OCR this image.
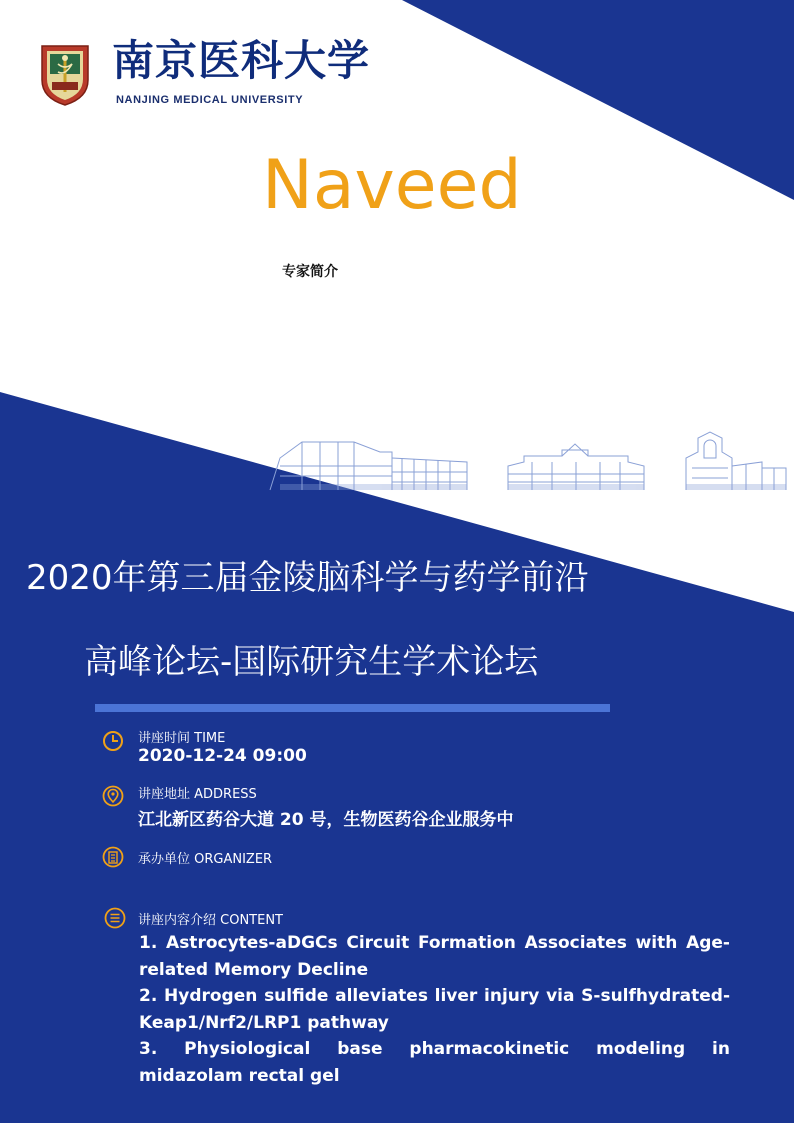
南京医科大学
NANJING MEDICAL UNIVERSITY
Naveed
专家简介
2020年第三届金陵脑科学与药学前沿
高峰论坛-国际研究生学术论坛
讲座时间 TIME
2020-12-24 09:00
讲座地址 ADDRESS
江北新区药谷大道 20 号，生物医药谷企业服务中
承办单位 ORGANIZER
讲座内容介绍 CONTENT

1. Astrocytes-aDGCs Circuit Formation Associates with Age-related Memory Decline

2. Hydrogen sulfide alleviates liver injury via S-sulfhydrated-Keap1/Nrf2/LRP1 pathway

3. Physiological base pharmacokinetic modeling in midazolam rectal gel
